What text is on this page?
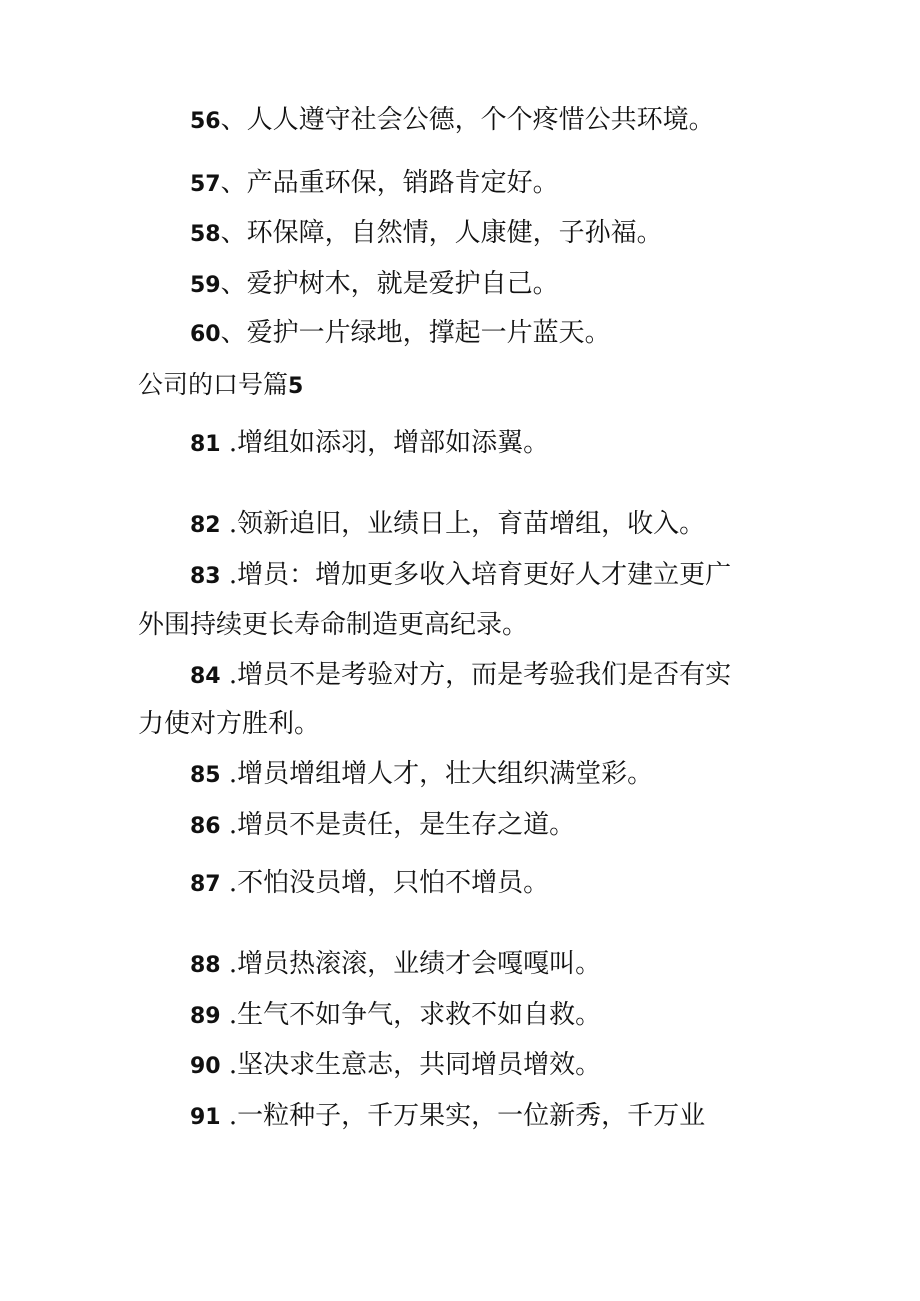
56、人人遵守社会公德，个个疼惜公共环境。
57、产品重环保，销路肯定好。
58、环保障，自然情，人康健，子孙福。
59、爱护树木，就是爱护自己。
60、爱护一片绿地，撑起一片蓝天。
公司的口号篇5
81 .增组如添羽，增部如添翼。
82 .领新追旧，业绩日上，育苗增组，收入。
83 .增员：增加更多收入培育更好人才建立更广
外围持续更长寿命制造更高纪录。
84 .增员不是考验对方，而是考验我们是否有实
力使对方胜利。
85 .增员增组增人才，壮大组织满堂彩。
86 .增员不是责任，是生存之道。
87 .不怕没员增，只怕不增员。
88 .增员热滚滚，业绩才会嘎嘎叫。
89 .生气不如争气，求救不如自救。
90 .坚决求生意志，共同增员增效。
91 .一粒种子，千万果实，一位新秀，千万业
